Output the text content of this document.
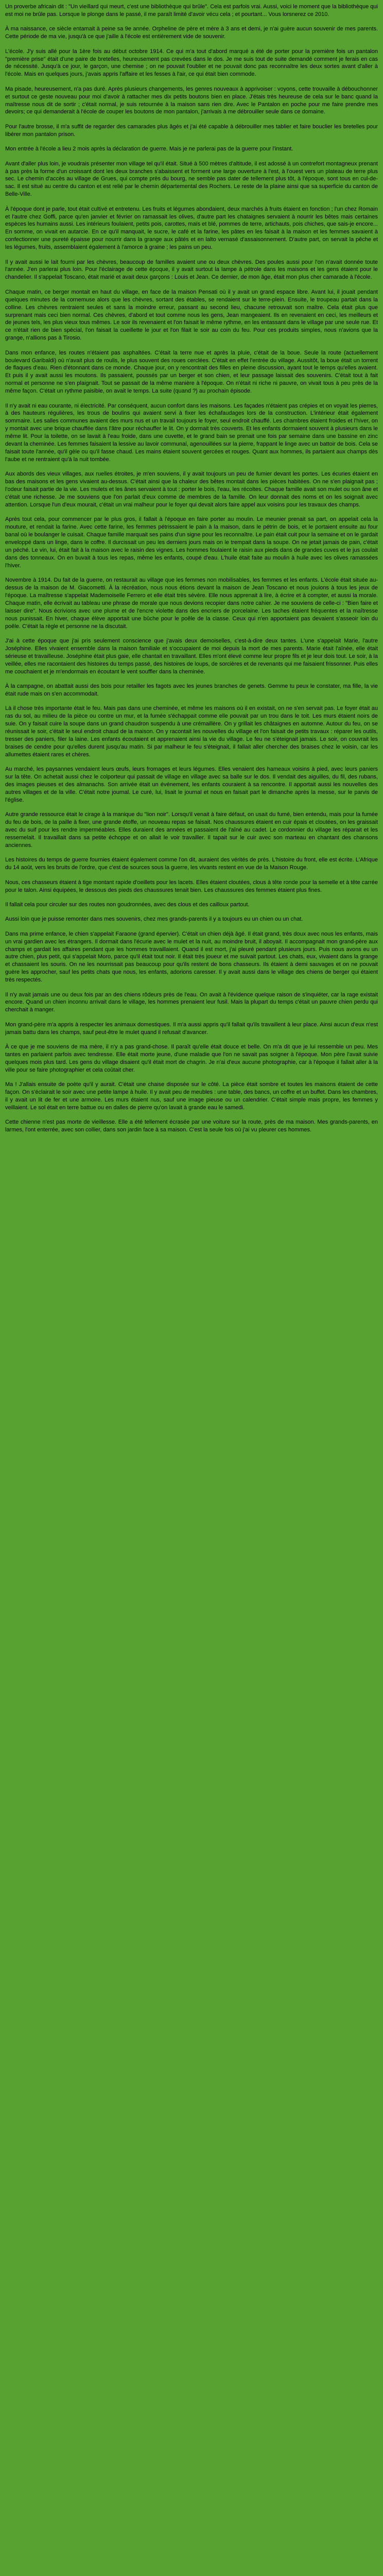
Un proverbe africain dit : "Un vieillard qui meurt, c'est une bibliothèque qui brûle". Cela est parfois vrai. Aussi, voici le moment que la bibliothèque qui est moi ne brûle pas. Lorsque le plonge dans le passé, il me paraît limité d'avoir vécu cela ; et pourtant... Vous lorsnerez ce 2010.

À ma naissance, ce siècle entamait à peine sa 9e année. Orpheline de père et mère à 3 ans et demi, je n'ai guère aucun souvenir de mes parents. Cette période de ma vie, jusqu'à ce que j'aille à l'école est entièrement vide de souvenir.

L'école. J'y suis allé pour la 1ère fois au début octobre 1914. Ce qui m'a tout d'abord marqué a été de porter pour la première fois un pantalon "première prise" était d'une paire de bretelles, heureusement pas crevées dans le dos. Je me suis tout de suite demandé comment je ferais en cas de nécessité. Jusqu'à ce jour, le garçon, une chemise ; on ne pouvait l'oublier et ne pouvait donc pas reconnaître les deux sortes avant d'aller à l'école. Mais en quelques jours, j'avais appris l'affaire et les fesses à l'air, ce qui était bien commode.

Ma pisade, heureusement, n'a pas duré. Après plusieurs changements, les genres nouveaux à apprivoiser : voyons, cette trouvaille à débouchonner et surtout ce geste nouveau pour moi d'avoir à rattacher mes dix petits boutons bien en place. J'étais très heureuse de cela sur le banc quand la maîtresse nous dit de sortir ; c'était normal, je suis retournée à la maison sans rien dire. Avec le Pantalon en poche pour me faire prendre mes devoirs; ce qui demanderait à l'école de couper les boutons de mon pantalon, j'arrivais à me débrouiller seule dans ce domaine.

Pour l'autre brosse, il m'a suffit de regarder des camarades plus âgés et j'ai été capable à débrouiller mes tablier et faire bouclier les bretelles pour libérer mon pantalon prison.

Mon entrée à l'école a lieu 2 mois après la déclaration de guerre. Mais je ne parlerai pas de la guerre pour l'instant.

Avant d'aller plus loin, je voudrais présenter mon village tel qu'il était. Situé à 500 mètres d'altitude, il est adossé à un contrefort montagneux prenant à pas près la forme d'un croissant dont les deux branches s'abaissent et forment une large ouverture à l'est, à l'ouest vers un plateau de terre plus sec. Le chemin d'accès au village de Grues, qui compte près du bourg, ne semble pas dater de tellement plus tôt, à l'époque, sont tous en cul-de-sac. Il est situé au centre du canton et est relié par le chemin départemental des Rochers. Le reste de la plaine ainsi que sa superficie du canton de Belle-Ville.

À l'époque dont je parle, tout était cultivé et entretenu. Les fruits et légumes abondaient, deux marchés à fruits étaient en fonction ; l'un chez Romain et l'autre chez Goffi, parce qu'en janvier et février on ramassait les olives, d'autre part les chataignes servaient à nourrir les bêtes mais certaines espèces les humains aussi. Les intérieurs foulaient, petits pois, carottes, maïs et blé, pommes de terre, artichauts, pois chiches, que sais-je encore... En somme, on vivait en autarcie. En ce qu'il manquait, le sucre, le café et la farine, les pâtes en les faisait à la maison et les femmes savaient à confectionner une pureté épaisse pour nourrir dans la grange aux pâtés et en lalto vernasé d'assaisonnement. D'autre part, on servait la pêche et les légumes, fruits, assemblaient également à l'amorce à graine ; les pains un peu.

Il y avait aussi le lait fourni par les chèvres, beaucoup de familles avaient une ou deux chèvres. Des poules aussi pour l'on n'avait donnée toute l'année. J'en parlerai plus loin. Pour l'éclairage de cette époque, il y avait surtout la lampe à pétrole dans les maisons et les gens étaient pour le chandelier. Il s'appelait Toscano, était marié et avait deux garçons : Louis et Jean. Ce dernier, de mon âge, était mon plus cher camarade à l'école.

Chaque matin, ce berger montait en haut du village, en face de la maison Pensati où il y avait un grand espace libre. Avant lui, il jouait pendant quelques minutes de la cornemuse alors que les chèvres, sortant des étables, se rendaient sur le terre-plein. Ensuite, le troupeau partait dans la colline. Les chèvres rentraient seules et sans la moindre erreur, passant au second lieu, chacune retrouvait son maître. Cela était plus que surprenant mais ceci bien normal. Ces chèvres, d'abord et tout comme nous les gens, Jean mangeaient. Ils en revenaient en ceci, les meilleurs et de jeunes tels, les plus vieux tous mêmes. Le soir ils revenaient et l'on faisait le même rythme, en les entassant dans le village par une seule rue. Et ce n'était rien de bien spécial, l'on faisait la cueillette le jour et l'on filait le soir au coin du feu. Pour ces produits simples, nous n'avions que la grange, n'allions pas à Tirosio.

Dans mon enfance, les routes n'étaient pas asphaltées. C'était la terre nue et après la pluie, c'était de la boue. Seule la route (actuellement boulevard Garibaldi) où n'avait plus de roulis, le plus souvent des roues cerclées. C'était en effet l'entrée du village. Aussitôt, la boue était un torrent de flaques d'eau. Rien d'étonnant dans ce monde. Chaque jour, on y rencontrait des filles en pleine discussion, ayant tout le temps qu'elles avaient. Et puis il y avait aussi les moutons. Ils passaient, poussés par un berger et son chien, et leur passage laissait des souvenirs. C'était tout à fait normal et personne ne s'en plaignait. Tout se passait de la même manière à l'époque. On n'était ni riche ni pauvre, on vivait tous à peu près de la même façon. C'était un rythme paisible, on avait le temps. La suite (quand ?) au prochain épisode.

Il n'y avait ni eau courante, ni électricité. Par conséquent, aucun confort dans les maisons. Les façades n'étaient pas crépies et on voyait les pierres, à des hauteurs régulières, les trous de boulins qui avaient servi à fixer les échafaudages lors de la construction. L'intérieur était également sommaire. Les salles communes avaient des murs nus et un travail toujours le foyer, seul endroit chauffé. Les chambres étaient froides et l'hiver, on y montait avec une brique chauffée dans l'âtre pour réchauffer le lit. On y dormait très couverts. Et les enfants dormaient souvent à plusieurs dans le même lit. Pour la toilette, on se lavait à l'eau froide, dans une cuvette, et le grand bain se prenait une fois par semaine dans une bassine en zinc devant la cheminée. Les femmes faisaient la lessive au lavoir communal, agenouillées sur la pierre, frappant le linge avec un battoir de bois. Cela se faisait toute l'année, qu'il gèle ou qu'il fasse chaud. Les mains étaient souvent gercées et rouges. Quant aux hommes, ils partaient aux champs dès l'aube et ne rentraient qu'à la nuit tombée.

Aux abords des vieux villages, aux ruelles étroites, je m'en souviens, il y avait toujours un peu de fumier devant les portes. Les écuries étaient en bas des maisons et les gens vivaient au-dessus. C'était ainsi que la chaleur des bêtes montait dans les pièces habitées. On ne s'en plaignait pas ; l'odeur faisait partie de la vie. Les mulets et les ânes servaient à tout : porter le bois, l'eau, les récoltes. Chaque famille avait son mulet ou son âne et c'était une richesse. Je me souviens que l'on parlait d'eux comme de membres de la famille. On leur donnait des noms et on les soignait avec attention. Lorsque l'un d'eux mourait, c'était un vrai malheur pour le foyer qui devait alors faire appel aux voisins pour les travaux des champs.

Après tout cela, pour commencer par le plus gros, il fallait à l'époque en faire porter au moulin. Le meunier prenait sa part, on appelait cela la mouture, et rendait la farine. Avec cette farine, les femmes pétrissaient le pain à la maison, dans le pétrin de bois, et le portaient ensuite au four banal où le boulanger le cuisait. Chaque famille marquait ses pains d'un signe pour les reconnaître. Le pain était cuit pour la semaine et on le gardait enveloppé dans un linge, dans le coffre. Il durcissait un peu les derniers jours mais on le trempait dans la soupe. On ne jetait jamais de pain, c'était un péché. Le vin, lui, était fait à la maison avec le raisin des vignes. Les hommes foulaient le raisin aux pieds dans de grandes cuves et le jus coulait dans des tonneaux. On en buvait à tous les repas, même les enfants, coupé d'eau. L'huile était faite au moulin à huile avec les olives ramassées l'hiver.

Novembre à 1914. Du fait de la guerre, on restaurait au village que les femmes non mobilisables, les femmes et les enfants. L'école était située au-dessus de la maison de M. Giacometti. À la récréation, nous nous étions devant la maison de Jean Toscano et nous jouions à tous les jeux de l'époque. La maîtresse s'appelait Mademoiselle Ferrero et elle était très sévère. Elle nous apprenait à lire, à écrire et à compter, et aussi la morale. Chaque matin, elle écrivait au tableau une phrase de morale que nous devions recopier dans notre cahier. Je me souviens de celle-ci : "Bien faire et laisser dire". Nous écrivions avec une plume et de l'encre violette dans des encriers de porcelaine. Les taches étaient fréquentes et la maîtresse nous punissait. En hiver, chaque élève apportait une bûche pour le poêle de la classe. Ceux qui n'en apportaient pas devaient s'asseoir loin du poêle. C'était la règle et personne ne la discutait.

J'ai à cette époque que j'ai pris seulement conscience que j'avais deux demoiselles, c'est-à-dire deux tantes. L'une s'appelait Marie, l'autre Joséphine. Elles vivaient ensemble dans la maison familiale et s'occupaient de moi depuis la mort de mes parents. Marie était l'aînée, elle était sérieuse et travailleuse. Joséphine était plus gaie, elle chantait en travaillant. Elles m'ont élevé comme leur propre fils et je leur dois tout. Le soir, à la veillée, elles me racontaient des histoires du temps passé, des histoires de loups, de sorcières et de revenants qui me faisaient frissonner. Puis elles me couchaient et je m'endormais en écoutant le vent souffler dans la cheminée.

À la campagne, on abattait aussi des bois pour retailler les fagots avec les jeunes branches de genets. Gemme tu peux le constater, ma fille, la vie était rude mais on s'en accommodait.

Là il chose très importante était le feu. Mais pas dans une cheminée, et même les maisons où il en existait, on ne s'en servait pas. Le foyer était au ras du sol, au milieu de la pièce ou contre un mur, et la fumée s'échappait comme elle pouvait par un trou dans le toit. Les murs étaient noirs de suie. On y faisait cuire la soupe dans un grand chaudron suspendu à une crémaillère. On y grillait les châtaignes en automne. Autour du feu, on se réunissait le soir, c'était le seul endroit chaud de la maison. On y racontait les nouvelles du village et l'on faisait de petits travaux : réparer les outils, tresser des paniers, filer la laine. Les enfants écoutaient et apprenaient ainsi la vie du village. Le feu ne s'éteignait jamais. Le soir, on couvrait les braises de cendre pour qu'elles durent jusqu'au matin. Si par malheur le feu s'éteignait, il fallait aller chercher des braises chez le voisin, car les allumettes étaient rares et chères.

Au marché, les paysannes vendaient leurs œufs, leurs fromages et leurs légumes. Elles venaient des hameaux voisins à pied, avec leurs paniers sur la tête. On achetait aussi chez le colporteur qui passait de village en village avec sa balle sur le dos. Il vendait des aiguilles, du fil, des rubans, des images pieuses et des almanachs. Son arrivée était un événement, les enfants couraient à sa rencontre. Il apportait aussi les nouvelles des autres villages et de la ville. C'était notre journal. Le curé, lui, lisait le journal et nous en faisait part le dimanche après la messe, sur le parvis de l'église.

Autre grande ressource était le cirage à la manique du "lion noir". Lorsqu'il venait à faire défaut, on usait du fumé, bien entendu, mais pour la fumée du feu de bois, de la paille à fixer, une grande étoffe, un nouveau repas se faisait. Nos chaussures étaient en cuir épais et cloutées, on les graissait avec du suif pour les rendre imperméables. Elles duraient des années et passaient de l'aîné au cadet. Le cordonnier du village les réparait et les ressemelait. Il travaillait dans sa petite échoppe et on allait le voir travailler. Il tapait sur le cuir avec son marteau en chantant des chansons anciennes.

Les histoires du temps de guerre fournies étaient également comme l'on dit, auraient des vérités de près. L'histoire du front, elle est écrite. L'Afrique du 14 août, vers les bruits de l'ordre, que c'est de sources sous la guerre, les vivants restent en vue de la Maison Rouge.

Nous, ces chasseurs étaient à tige montant rapide d'oeillets pour les lacets. Elles étaient cloutées, clous à tête ronde pour la semelle et à tête carrée pour le talon. Ainsi équipées, le dessous des pieds des chaussures tenait bien. Les chaussures des femmes étaient plus fines.

Il fallait cela pour circuler sur des routes non goudronnées, avec des clous et des cailloux partout.

Aussi loin que je puisse remonter dans mes souvenirs, chez mes grands-parents il y a toujours eu un chien ou un chat.

Dans ma prime enfance, le chien s'appelait Faraone (grand épervier). C'était un chien déjà âgé. Il était grand, très doux avec nous les enfants, mais un vrai gardien avec les étrangers. Il dormait dans l'écurie avec le mulet et la nuit, au moindre bruit, il aboyait. Il accompagnait mon grand-père aux champs et gardait les affaires pendant que les hommes travaillaient. Quand il est mort, j'ai pleuré pendant plusieurs jours. Puis nous avons eu un autre chien, plus petit, qui s'appelait Moro, parce qu'il était tout noir. Il était très joueur et me suivait partout. Les chats, eux, vivaient dans la grange et chassaient les souris. On ne les nourrissait pas beaucoup pour qu'ils restent de bons chasseurs. Ils étaient à demi sauvages et on ne pouvait guère les approcher, sauf les petits chats que nous, les enfants, adorions caresser. Il y avait aussi dans le village des chiens de berger qui étaient très respectés.

Il n'y avait jamais une ou deux fois par an des chiens rôdeurs près de l'eau. On avait à l'évidence quelque raison de s'inquiéter, car la rage existait encore. Quand un chien inconnu arrivait dans le village, les hommes prenaient leur fusil. Mais la plupart du temps c'était un pauvre chien perdu qui cherchait à manger.

Mon grand-père m'a appris à respecter les animaux domestiques. Il m'a aussi appris qu'il fallait qu'ils travaillent à leur place. Ainsi aucun d'eux n'est jamais battu dans les champs, sauf peut-être le mulet quand il refusait d'avancer.

À ce que je me souviens de ma mère, il n'y a pas grand-chose. Il paraît qu'elle était douce et belle. On m'a dit que je lui ressemble un peu. Mes tantes en parlaient parfois avec tendresse. Elle était morte jeune, d'une maladie que l'on ne savait pas soigner à l'époque. Mon père l'avait suivie quelques mois plus tard. Les gens du village disaient qu'il était mort de chagrin. Je n'ai d'eux aucune photographie, car à l'époque il fallait aller à la ville pour se faire photographier et cela coûtait cher.

Ma ! J'allais ensuite de poète qu'il y aurait. C'était une chaise disposée sur le côté. La pièce était sombre et toutes les maisons étaient de cette façon. On s'éclairait le soir avec une petite lampe à huile. Il y avait peu de meubles : une table, des bancs, un coffre et un buffet. Dans les chambres, il y avait un lit de fer et une armoire. Les murs étaient nus, sauf une image pieuse ou un calendrier. C'était simple mais propre, les femmes y veillaient. Le sol était en terre battue ou en dalles de pierre qu'on lavait à grande eau le samedi.

Cette chienne n'est pas morte de vieillesse. Elle a été tellement écrasée par une voiture sur la route, près de ma maison. Mes grands-parents, en larmes, l'ont enterrée, avec son collier, dans son jardin face à sa maison. C'est la seule fois où j'ai vu pleurer ces hommes.
